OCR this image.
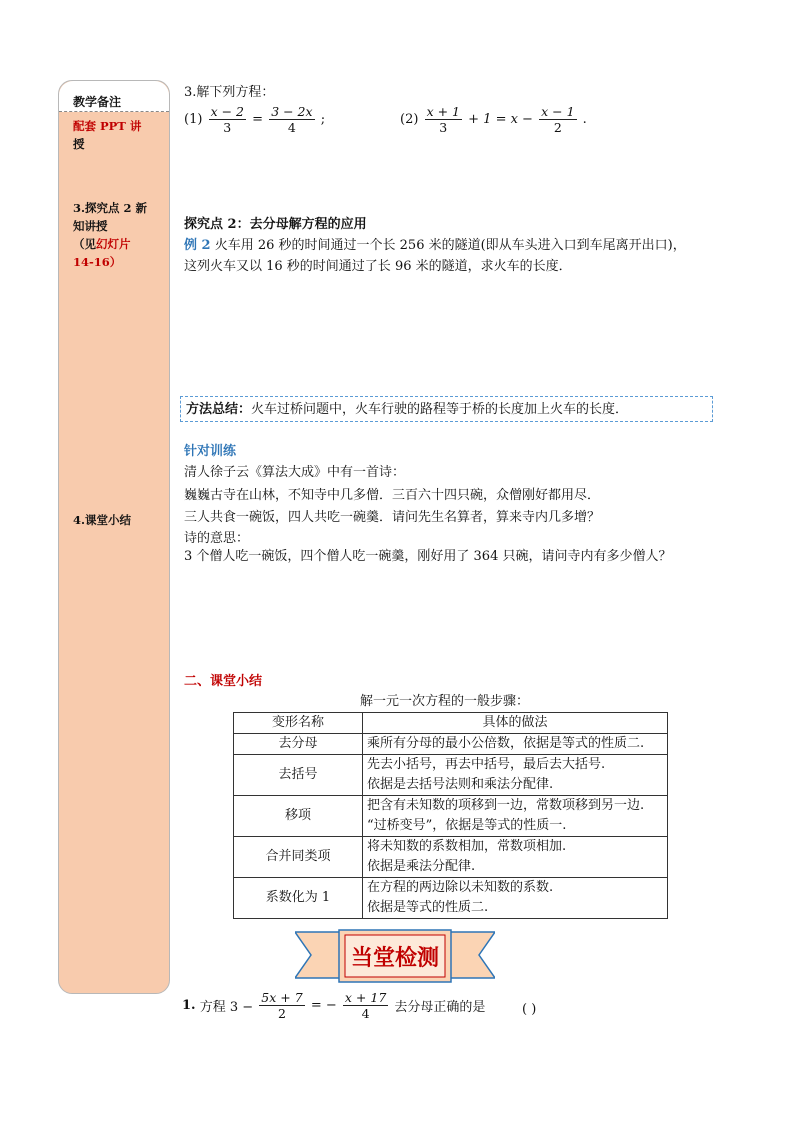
教学备注
配套 PPT 讲
授
3.探究点 2 新
知讲授
（见幻灯片
14-16）
4.课堂小结
3.解下列方程：
$(1) \frac{x - 2}{3} = \frac{3 - 2x}{4}$ ;	$(2) \frac{x + 1}{3} + 1 = x - \frac{x - 1}{2}$ .
探究点 2：去分母解方程的应用
例 2 火车用 26 秒的时间通过一个长 256 米的隧道(即从车头进入口到车尾离开出口)，
这列火车又以 16 秒的时间通过了长 96 米的隧道，求火车的长度．
方法总结：火车过桥问题中，火车行驶的路程等于桥的长度加上火车的长度．
针对训练
清人徐子云《算法大成》中有一首诗：
巍巍古寺在山林，不知寺中几多僧．三百六十四只碗，众僧刚好都用尽．
三人共食一碗饭，四人共吃一碗羹．请问先生名算者，算来寺内几多增？
诗的意思：
3 个僧人吃一碗饭，四个僧人吃一碗羹，刚好用了 364 只碗，请问寺内有多少僧人？
二、课堂小结
解一元一次方程的一般步骤：
变形名称	具体的做法
去分母	乘所有分母的最小公倍数，依据是等式的性质二.
去括号	先去小括号，再去中括号，最后去大括号.
依据是去括号法则和乘法分配律.
移项	把含有未知数的项移到一边，常数项移到另一边.
“过桥变号”，依据是等式的性质一.
合并同类项	将未知数的系数相加，常数项相加.
依据是乘法分配律.
系数化为 1	在方程的两边除以未知数的系数.
依据是等式的性质二.
当堂检测
1. 方程 $3 - \frac{5x + 7}{2}$ = − $\frac{x + 17}{4}$ 去分母正确的是	( )
